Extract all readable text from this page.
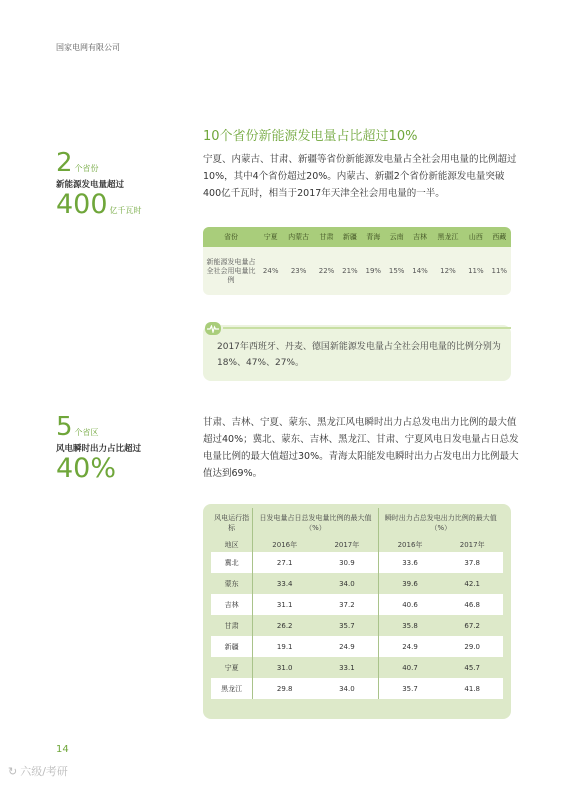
国家电网有限公司
2 个省份
新能源发电量超过
400 亿千瓦时
10个省份新能源发电量占比超过10%
宁夏、内蒙古、甘肃、新疆等省份新能源发电量占全社会用电量的比例超过10%，其中4个省份超过20%。内蒙古、新疆2个省份新能源发电量突破400亿千瓦时，相当于2017年天津全社会用电量的一半。
省份	宁夏	内蒙古	甘肃	新疆	青海	云南	吉林	黑龙江	山西	西藏
新能源发电量占全社会用电量比例	24%	23%	22%	21%	19%	15%	14%	12%	11%	11%
2017年西班牙、丹麦、德国新能源发电量占全社会用电量的比例分别为18%、47%、27%。
5 个省区
风电瞬时出力占比超过
40%
甘肃、吉林、宁夏、蒙东、黑龙江风电瞬时出力占总发电出力比例的最大值超过40%；冀北、蒙东、吉林、黑龙江、甘肃、宁夏风电日发电量占日总发电量比例的最大值超过30%。青海太阳能发电瞬时出力占发电出力比例最大值达到69%。
风电运行指标	日发电量占日总发电量比例的最大值（%）		瞬时出力占总发电出力比例的最大值（%）	
地区	2016年	2017年	2016年	2017年
冀北	27.1	30.9	33.6	37.8
蒙东	33.4	34.0	39.6	42.1
吉林	31.1	37.2	40.6	46.8
甘肃	26.2	35.7	35.8	67.2
新疆	19.1	24.9	24.9	29.0
宁夏	31.0	33.1	40.7	45.7
黑龙江	29.8	34.0	35.7	41.8
14
↻ 六级/考研
